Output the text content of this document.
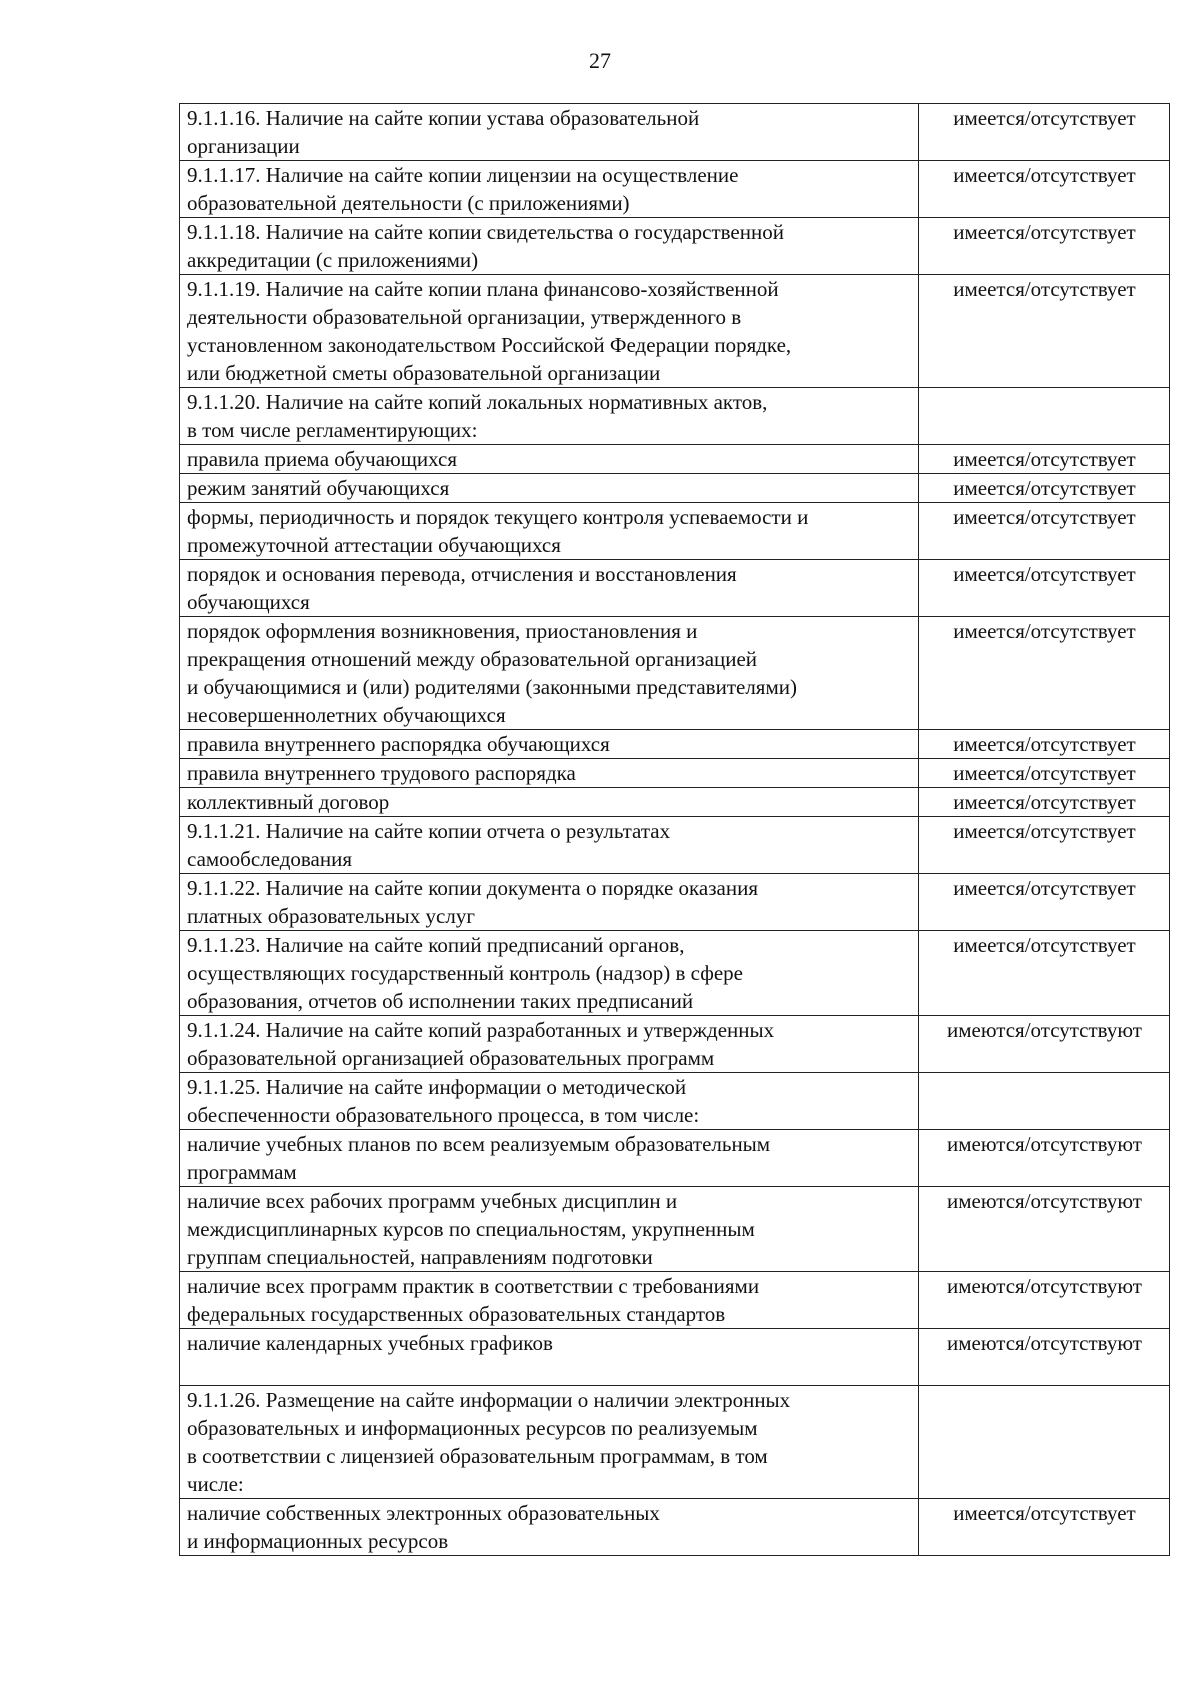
27
9.1.1.16. Наличие на сайте копии устава образовательной
организации	имеется/отсутствует

9.1.1.17. Наличие на сайте копии лицензии на осуществление
образовательной деятельности (с приложениями)	имеется/отсутствует

9.1.1.18. Наличие на сайте копии свидетельства о государственной
аккредитации (с приложениями)	имеется/отсутствует

9.1.1.19. Наличие на сайте копии плана финансово-хозяйственной
деятельности образовательной организации, утвержденного в
установленном законодательством Российской Федерации порядке,
или бюджетной сметы образовательной организации	имеется/отсутствует

9.1.1.20. Наличие на сайте копий локальных нормативных актов,
в том числе регламентирующих:	

правила приема обучающихся	имеется/отсутствует

режим занятий обучающихся	имеется/отсутствует

формы, периодичность и порядок текущего контроля успеваемости и
промежуточной аттестации обучающихся	имеется/отсутствует

порядок и основания перевода, отчисления и восстановления
обучающихся	имеется/отсутствует

порядок оформления возникновения, приостановления и
прекращения отношений между образовательной организацией
и обучающимися и (или) родителями (законными представителями)
несовершеннолетних обучающихся	имеется/отсутствует

правила внутреннего распорядка обучающихся	имеется/отсутствует

правила внутреннего трудового распорядка	имеется/отсутствует

коллективный договор	имеется/отсутствует

9.1.1.21. Наличие на сайте копии отчета о результатах
самообследования	имеется/отсутствует

9.1.1.22. Наличие на сайте копии документа о порядке оказания
платных образовательных услуг	имеется/отсутствует

9.1.1.23. Наличие на сайте копий предписаний органов,
осуществляющих государственный контроль (надзор) в сфере
образования, отчетов об исполнении таких предписаний	имеется/отсутствует

9.1.1.24. Наличие на сайте копий разработанных и утвержденных
образовательной организацией образовательных программ	имеются/отсутствуют

9.1.1.25. Наличие на сайте информации о методической
обеспеченности образовательного процесса, в том числе:	

наличие учебных планов по всем реализуемым образовательным
программам	имеются/отсутствуют

наличие всех рабочих программ учебных дисциплин и
междисциплинарных курсов по специальностям, укрупненным
группам специальностей, направлениям подготовки	имеются/отсутствуют

наличие всех программ практик в соответствии с требованиями
федеральных государственных образовательных стандартов	имеются/отсутствуют

наличие календарных учебных графиков	имеются/отсутствуют

9.1.1.26. Размещение на сайте информации о наличии электронных
образовательных и информационных ресурсов по реализуемым
в соответствии с лицензией образовательным программам, в том
числе:	

наличие собственных электронных образовательных
и информационных ресурсов	имеется/отсутствует
